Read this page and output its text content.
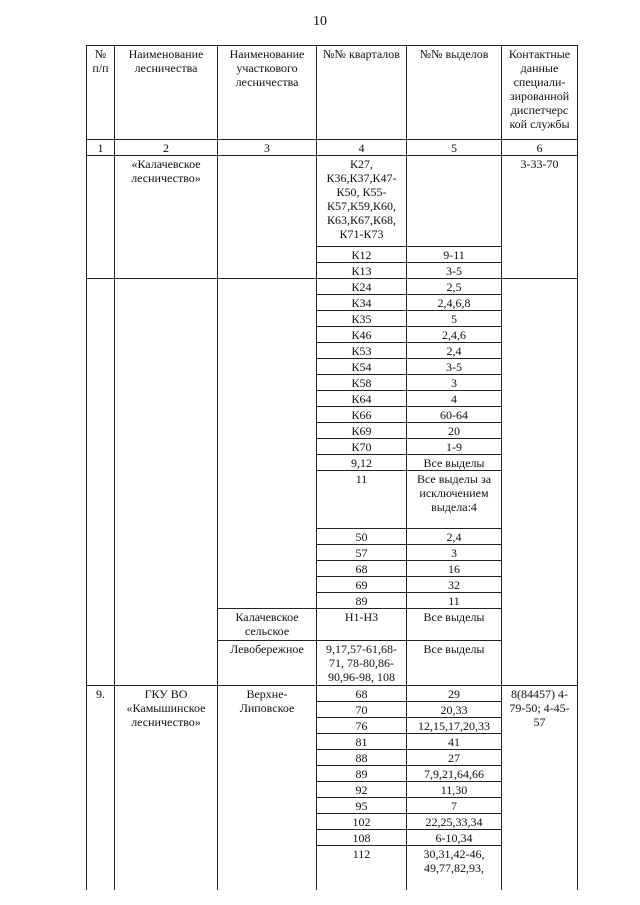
10
№ п/п	Наименование лесничества	Наименование участкового лесничества	№№ кварталов	№№ выделов	Контактные данные специали-зированной диспетчерс кой службы
1	2	3	4	5	6
	«Калачевское лесничество»		К27, К36,К37,К47-К50, К55-К57,К59,К60, К63,К67,К68, К71-К73		3-33-70
			К12	9-11	
			К13	3-5	
			К24	2,5	
			К34	2,4,6,8	
			К35	5	
			К46	2,4,6	
			К53	2,4	
			К54	3-5	
			К58	3	
			К64	4	
			К66	60-64	
			К69	20	
			К70	1-9	
			9,12	Все выделы	
			11	Все выделы за исключением выдела:4	
			50	2,4	
			57	3	
			68	16	
			69	32	
			89	11	
		Калачевское сельское	Н1-Н3	Все выделы	
		Левобережное	9,17,57-61,68-71, 78-80,86-90,96-98, 108	Все выделы	
9.	ГКУ ВО «Камышинское лесничество»	Верхне-Липовское	68	29	8(84457) 4-79-50; 4-45-57
			70	20,33	
			76	12,15,17,20,33	
			81	41	
			88	27	
			89	7,9,21,64,66	
			92	11,30	
			95	7	
			102	22,25,33,34	
			108	6-10,34	
			112	30,31,42-46, 49,77,82,93,	
